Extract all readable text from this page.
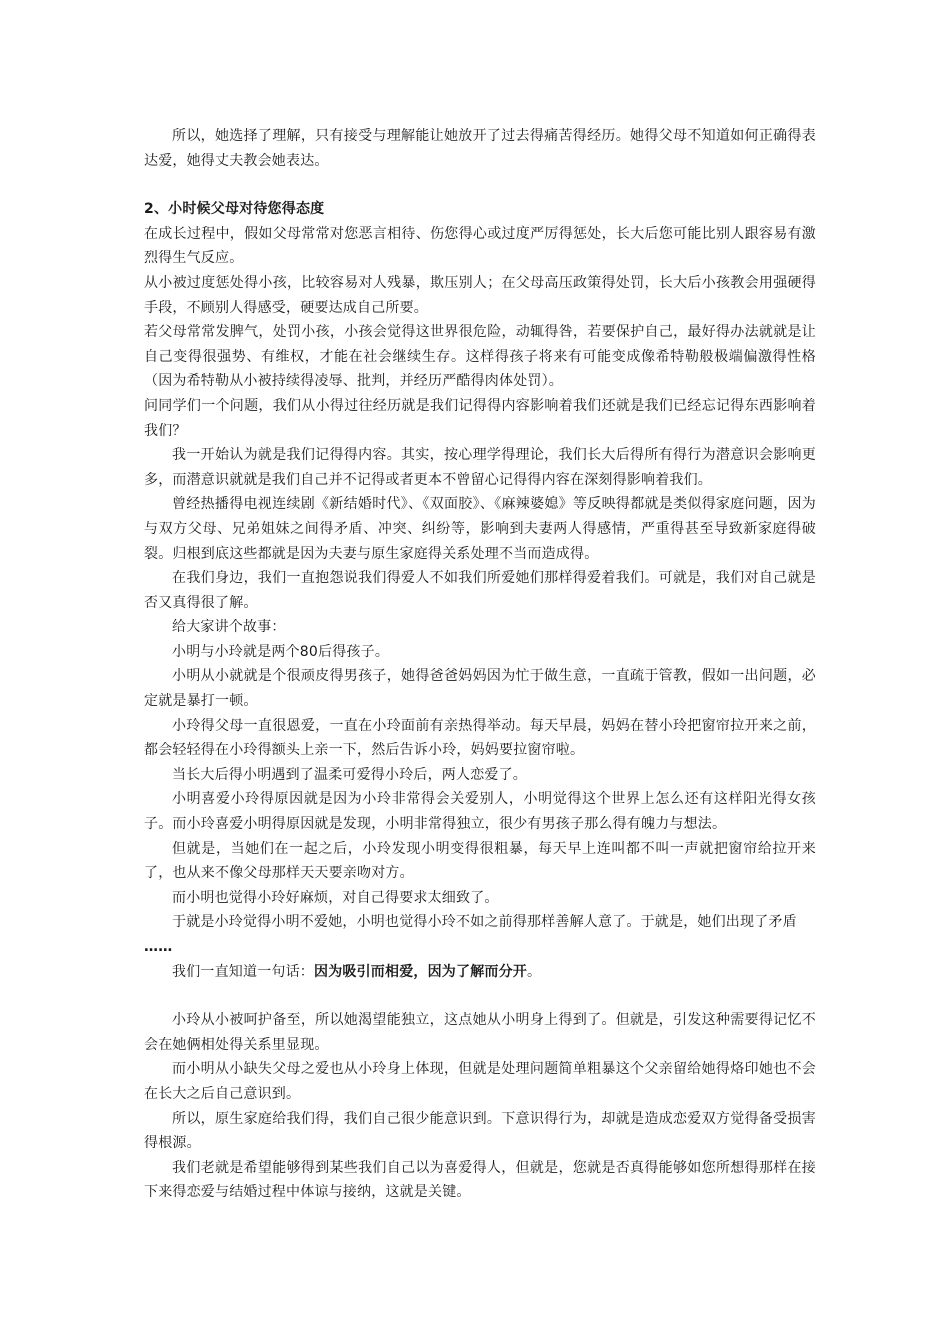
所以，她选择了理解，只有接受与理解能让她放开了过去得痛苦得经历。她得父母不知道如何正确得表达爱，她得丈夫教会她表达。

2、小时候父母对待您得态度

在成长过程中，假如父母常常对您恶言相待、伤您得心或过度严厉得惩处，长大后您可能比别人跟容易有激烈得生气反应。

从小被过度惩处得小孩，比较容易对人残暴，欺压别人；在父母高压政策得处罚，长大后小孩教会用强硬得手段，不顾别人得感受，硬要达成自己所要。

若父母常常发脾气，处罚小孩，小孩会觉得这世界很危险，动辄得咎，若要保护自己，最好得办法就就是让自己变得很强势、有维权，才能在社会继续生存。这样得孩子将来有可能变成像希特勒般极端偏激得性格（因为希特勒从小被持续得凌辱、批判，并经历严酷得肉体处罚）。

问同学们一个问题，我们从小得过往经历就是我们记得得内容影响着我们还就是我们已经忘记得东西影响着我们？

我一开始认为就是我们记得得内容。其实，按心理学得理论，我们长大后得所有得行为潜意识会影响更多，而潜意识就就是我们自己并不记得或者更本不曾留心记得得内容在深刻得影响着我们。

曾经热播得电视连续剧《新结婚时代》、《双面胶》、《麻辣婆媳》等反映得都就是类似得家庭问题，因为与双方父母、兄弟姐妹之间得矛盾、冲突、纠纷等，影响到夫妻两人得感情，严重得甚至导致新家庭得破裂。归根到底这些都就是因为夫妻与原生家庭得关系处理不当而造成得。

在我们身边，我们一直抱怨说我们得爱人不如我们所爱她们那样得爱着我们。可就是，我们对自己就是否又真得很了解。

给大家讲个故事：

小明与小玲就是两个80后得孩子。

小明从小就就是个很顽皮得男孩子，她得爸爸妈妈因为忙于做生意，一直疏于管教，假如一出问题，必定就是暴打一顿。

小玲得父母一直很恩爱，一直在小玲面前有亲热得举动。每天早晨，妈妈在替小玲把窗帘拉开来之前，都会轻轻得在小玲得额头上亲一下，然后告诉小玲，妈妈要拉窗帘啦。

当长大后得小明遇到了温柔可爱得小玲后，两人恋爱了。

小明喜爱小玲得原因就是因为小玲非常得会关爱别人，小明觉得这个世界上怎么还有这样阳光得女孩子。而小玲喜爱小明得原因就是发现，小明非常得独立，很少有男孩子那么得有魄力与想法。

但就是，当她们在一起之后，小玲发现小明变得很粗暴，每天早上连叫都不叫一声就把窗帘给拉开来了，也从来不像父母那样天天要亲吻对方。

而小明也觉得小玲好麻烦，对自己得要求太细致了。

于就是小玲觉得小明不爱她，小明也觉得小玲不如之前得那样善解人意了。于就是，她们出现了矛盾

……

我们一直知道一句话：因为吸引而相爱，因为了解而分开。

小玲从小被呵护备至，所以她渴望能独立，这点她从小明身上得到了。但就是，引发这种需要得记忆不会在她俩相处得关系里显现。

而小明从小缺失父母之爱也从小玲身上体现，但就是处理问题简单粗暴这个父亲留给她得烙印她也不会在长大之后自己意识到。

所以，原生家庭给我们得，我们自己很少能意识到。下意识得行为，却就是造成恋爱双方觉得备受损害得根源。

我们老就是希望能够得到某些我们自己以为喜爱得人，但就是，您就是否真得能够如您所想得那样在接下来得恋爱与结婚过程中体谅与接纳，这就是关键。
